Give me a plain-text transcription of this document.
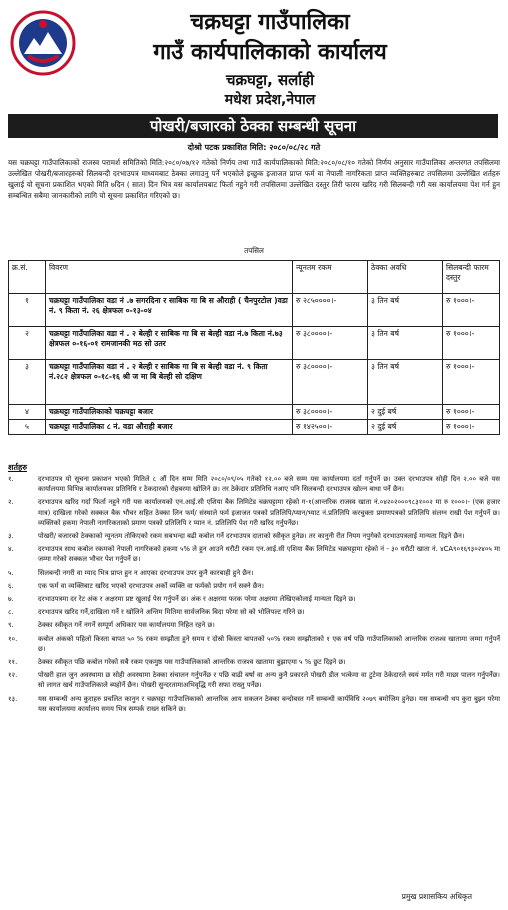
चक्रघट्टा गाउँपालिका
गाउँ कार्यपालिकाको कार्यालय
चक्रघट्टा, सर्लाही
मधेश प्रदेश,नेपाल
पोखरी/बजारको ठेक्का सम्बन्धी सूचना
दोश्रो पटक प्रकाशित मिति: २०८०/०८/२८ गते

यस चक्रघट्टा गाउँपालिकाको राजस्व परामर्श समितिको मिति:२०८०/०७/१२ गतेको निर्णय तथा गाउँ कार्यपालिकाको मिति:२०८०/०८/१० गतेको निर्णय अनुसार गाउँपालिका अन्तरगत तपसिलमा उल्लेखित पोखरी/बजारहरुको सिलबन्दी दरभाउपत्र माध्यमबाट ठेक्का लगाउनु पर्ने भएकोले इच्छुक इजाजत प्राप्त फर्म वा नेपाली नागरिकता प्राप्त व्यक्तिहरुबाट तपसिलमा उल्लेखित शर्तहरु खुलाई यो सूचना प्रकाशित भएको मिति ७दिन ( सात) दिन भित्र यस कार्यालयबाट फिर्ता नहुने गरी तपसिलमा उल्लेखित दस्तुर तिरी फारम खरिद गरी सिलबन्दी गरी यस कार्यालयमा पेश गर्न हुन सम्बन्धित सबैमा जानकारीको लागि यो सूचना प्रकाशित गरिएको छ।

तपसिल
क्र.सं.	विवरण	न्यूनतम रकम	ठेक्का अवधि	सिलबन्दी फारम दस्तुर
१	चक्रघट्टा गाउँपालिका वडा नं .७ सगरदिना र साबिक गा बि स औराही ( चैनपुरटोल )वडा नं. ९ किता नं. २६ क्षेत्रफल ०-१३-०४	रु २८५००००।-	३ तिन बर्ष	रु १०००।-
२	चक्रघट्टा गाउँपालिका वडा नं . २ बेल्ही र साबिक गा बि स बेल्ही वडा नं.७ किता नं.७३ क्षेत्रफल ०-१६-०१ रामजानकी मठ सो उतर	रु ३८००००।-	३ तिन बर्ष	रु १०००।-
३	चक्रघट्टा गाउँपालिका वडा नं . २ बेल्ही र साबिक गा बि स बेल्ही वडा नं. ९ किता नं.२८२ क्षेत्रफल ०-१८-१६ श्री ज मा बि बेल्ही सो दक्षिण	रु ३८००००।-	३ तिन बर्ष	रु १०००।-
४	चक्रघट्टा गाउँपालिकाको चक्रघट्टा बजार	रु ३८००००।-	२ दुई बर्ष	रु १०००।-
५	चक्रघट्टा गाउँपालिका ८ नं. वडा औराही बजार	रु १४२५००।-	२ दुई बर्ष	रु १०००।-
शर्तहरु
१.	दरभाउपत्र यो सूचना प्रकाशन भएको मितिले ८ औं दिन सम्म मिति २०८०/०९/०५ गतेको १२.०० बजे सम्म यस कार्यालयमा दर्ता गर्नुपर्ने छ। उक्त दरभाउपत्र सोही दिन २.०० बजे यस कार्यालयमा विभिन्न कार्यालयका प्रतिनिधि र ठेकदारको रोहबरमा खोलिने छ। तर ठेकेदार प्रतिनिधि नआए पनि सिलबन्दी दरभाउपत्र खोल्न बाधा पर्ने छैन।
२.	दरभाउपत्र खरिद गर्दा फिर्ता नहुने गरी यस कार्यालयको एन.आई.सी एशिया बैक लिमिटेड चक्रघट्टामा रहेको ग-१(आन्तरिक राजस्व खाता नं.०४२०२०००९८३१००२ मा रु १०००।- (एक हजार मात्र) दाखिला गरेको सक्कल बैक भौचर सहित ठेक्का लिन फर्म/ संस्थाले फर्म इजाजत पत्रको प्रतिलिपि/प्यान/भ्याट नं.प्रतिलिपि करचुक्ता प्रमाणपत्रको प्रतिलिपि संलग्न राखी पेश गर्नुपर्ने छ। व्यक्तिको हकमा नेपाली नागरिकताको प्रमाण पत्रको प्रतिलिपि र प्यान नं. प्रतिलिपि पेश गरी खरिद गर्नुपर्नेछ।
३.	पोखरी/ बजारको ठेक्काको न्यूनतम तोकिएको रकम सबभन्दा बढी कबोल गर्ने दरभाउपत्र दाताको स्वीकृत हुनेछ। तर कानुनी रीत नियम नपुगेको दरभाउपत्रलाई मान्यता दिइने छैन।
४.	दरभाउपत्र साथ कबोल रकमको नेपाली नागरिकको हकमा ५% ले हुन आउने धरौटी रकम एन.आई.सी एशिया बैंक लिमिटेड चक्रघट्टामा रहेको नं - ३० धरौटी खाता नं. ४CA९०१६९३०२४०५ मा जम्मा गरेको सक्कल भौचर पेश गर्नुपर्ने छ।
५.	सिलबन्दी नगरी वा म्याद भित्र प्राप्त हुन न आएका दरभाउपत्र उपर कुनै कारबाही हुने छैन।
६.	एक फर्म वा व्यक्तिबाट खरिद भएको दरभाउपत्र अर्को व्यक्ति वा फर्मको प्रयोग गर्न सक्ने छैन।
७.	दरभाउपत्रमा दर रेट अंक र अक्षरमा प्रष्ट खुलाई पेस गर्नुपर्ने छ। अंक र अक्षरमा फरक परेमा अक्षरमा लेखिएकोलाई मान्यता दिइने छ।
८.	दरभाउपत्र खरिद गर्ने,दाखिला गर्ने र खोलिने अन्तिम मितिमा सार्वजनिक बिदा परेमा सो को भोलिपल्ट गरिने छ।
९.	ठेक्का स्वीकृत गर्ने नगर्ने सम्पूर्ण अधिकार यस कार्यालयमा निहित रहने छ।
१०.	कबोल अंकको पहिलो किस्ता बापत ५० % रकम सम्झौता हुने समय र दोस्रो किस्ता बापतको ५०% रकम सम्झौताको १ एक वर्ष पछि गाउँपालिकाको आन्तरिक राजश्व खातामा जम्मा गर्नुपर्ने छ।
११.	ठेक्का स्वीकृत पछि कबोल गरेको सबै रकम एकमुष्ठ यस गाउँपालिकाको आन्तरिक राजश्व खातामा बुझाएमा ५ % छुट दिइने छ।
१२.	पोखरी हाल जुन अवस्थामा छ सोही अवस्थामा ठेक्का संचालन गर्नुपर्नेछ र पछि बाढी बर्षा वा अन्य कुनै प्रकारले पोखरी डील भत्केमा वा टुटेमा ठेकेदारले स्वयं मर्मत गरी माछा पालन गर्नुपर्नेछ। सो लागत खर्च गाउँपालिकाले ब्यहोर्ने छैन। पोखरी सुन्दरतामाअभिवृद्धि गरी सफा राख्नु पर्नेछ।
१३.	यस सम्बन्धी अन्य कुराहरु प्रचलित कानुन र चक्रघट्टा गाउँपालिकाको आन्तरिक आय सकलन ठेक्का बन्दोबस्त गर्ने सम्बन्धी कार्यविधि २०७९ बमोजिम हुनेछ। यस सम्बन्धी थप कुरा बुझ्न परेमा यस कार्यालयमा कार्यालय समय भित्र सम्पर्क राख्न सकिने छ।
प्रमुख प्रशासकिय अधिकृत
